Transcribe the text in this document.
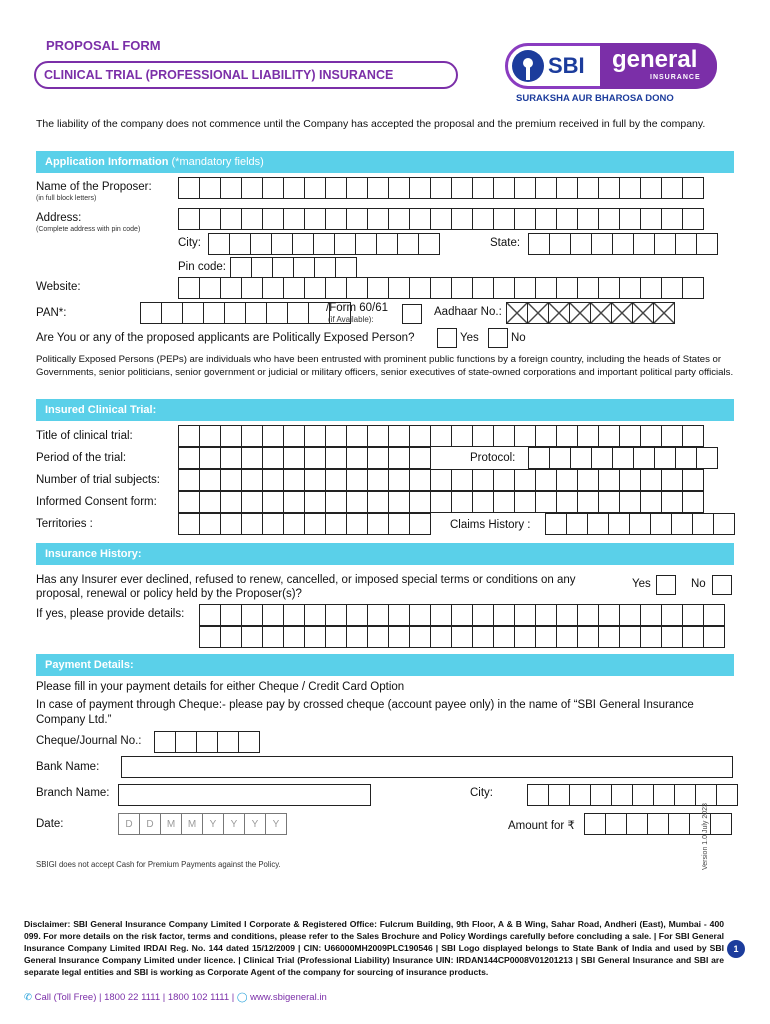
PROPOSAL FORM
CLINICAL TRIAL (PROFESSIONAL LIABILITY) INSURANCE	SBI general
INSURANCE
SURAKSHA AUR BHAROSA DONO
The liability of the company does not commence until the Company has accepted the proposal and the premium received in full by the company.
Application Information (*mandatory fields)
Name of the Proposer:
(in full block letters)
Address:
(Complete address with pin code)
City:	State:
Pin code:
Website:
PAN*:	/Form 60/61
(if Available):
Aadhaar No.:
Are You or any of the proposed applicants are Politically Exposed Person?	Yes	No
Politically Exposed Persons (PEPs) are individuals who have been entrusted with prominent public functions by a foreign country, including the heads of States or Governments, senior politicians, senior government or judicial or military officers, senior executives of state-owned corporations and important political party officials.
Insured Clinical Trial:
Title of clinical trial:
Period of the trial:	Protocol:
Number of trial subjects:
Informed Consent form:
Territories :	Claims History :
Insurance History:
Has any Insurer ever declined, refused to renew, cancelled, or imposed special terms or conditions on any proposal, renewal or policy held by the Proposer(s)?
Yes	No
If yes, please provide details:
Payment Details:
Please fill in your payment details for either Cheque / Credit Card Option
In case of payment through Cheque:- please pay by crossed cheque (account payee only) in the name of “SBI General Insurance Company Ltd.”
Cheque/Journal No.:
Bank Name:
Branch Name:	City:
Date:	D	D	M	M	Y	Y	Y	Y	Amount for ₹
SBIGI does not accept Cash for Premium Payments against the Policy.	Version 1.0 July 2023
Disclaimer: SBI General Insurance Company Limited I Corporate & Registered Office: Fulcrum Building, 9th Floor, A & B Wing, Sahar Road, Andheri (East), Mumbai - 400 099. For more details on the risk factor, terms and conditions, please refer to the Sales Brochure and Policy Wordings carefully before concluding a sale. | For SBI General Insurance Company Limited IRDAI Reg. No. 144 dated 15/12/2009 | CIN: U66000MH2009PLC190546 | SBI Logo displayed belongs to State Bank of India and used by SBI General Insurance Company Limited under licence. | Clinical Trial (Professional Liability) Insurance UIN: IRDAN144CP0008V01201213 | SBI General Insurance and SBI are separate legal entities and SBI is working as Corporate Agent of the company for sourcing of insurance products.
1
✆ Call (Toll Free) | 1800 22 1111 | 1800 102 1111 | ◯ www.sbigeneral.in
